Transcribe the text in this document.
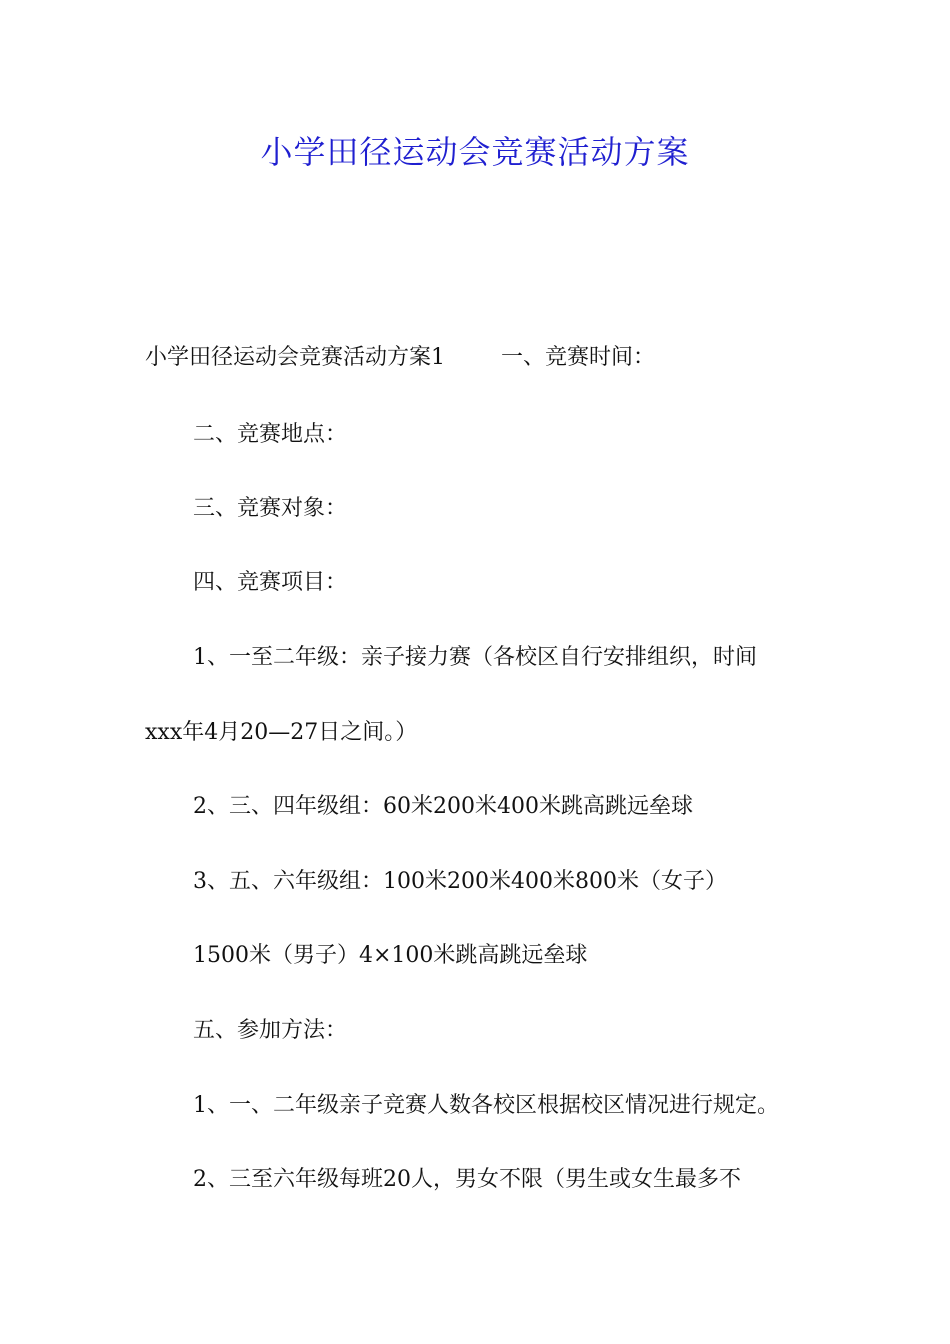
小学田径运动会竞赛活动方案
小学田径运动会竞赛活动方案1	一、竞赛时间：
二、竞赛地点：
三、竞赛对象：
四、竞赛项目：
1、一至二年级：亲子接力赛（各校区自行安排组织，时间
xxx年4月20—27日之间。）
2、三、四年级组：60米200米400米跳高跳远垒球
3、五、六年级组：100米200米400米800米（女子）
1500米（男子）4×100米跳高跳远垒球
五、参加方法：
1、一、二年级亲子竞赛人数各校区根据校区情况进行规定。
2、三至六年级每班20人，男女不限（男生或女生最多不
